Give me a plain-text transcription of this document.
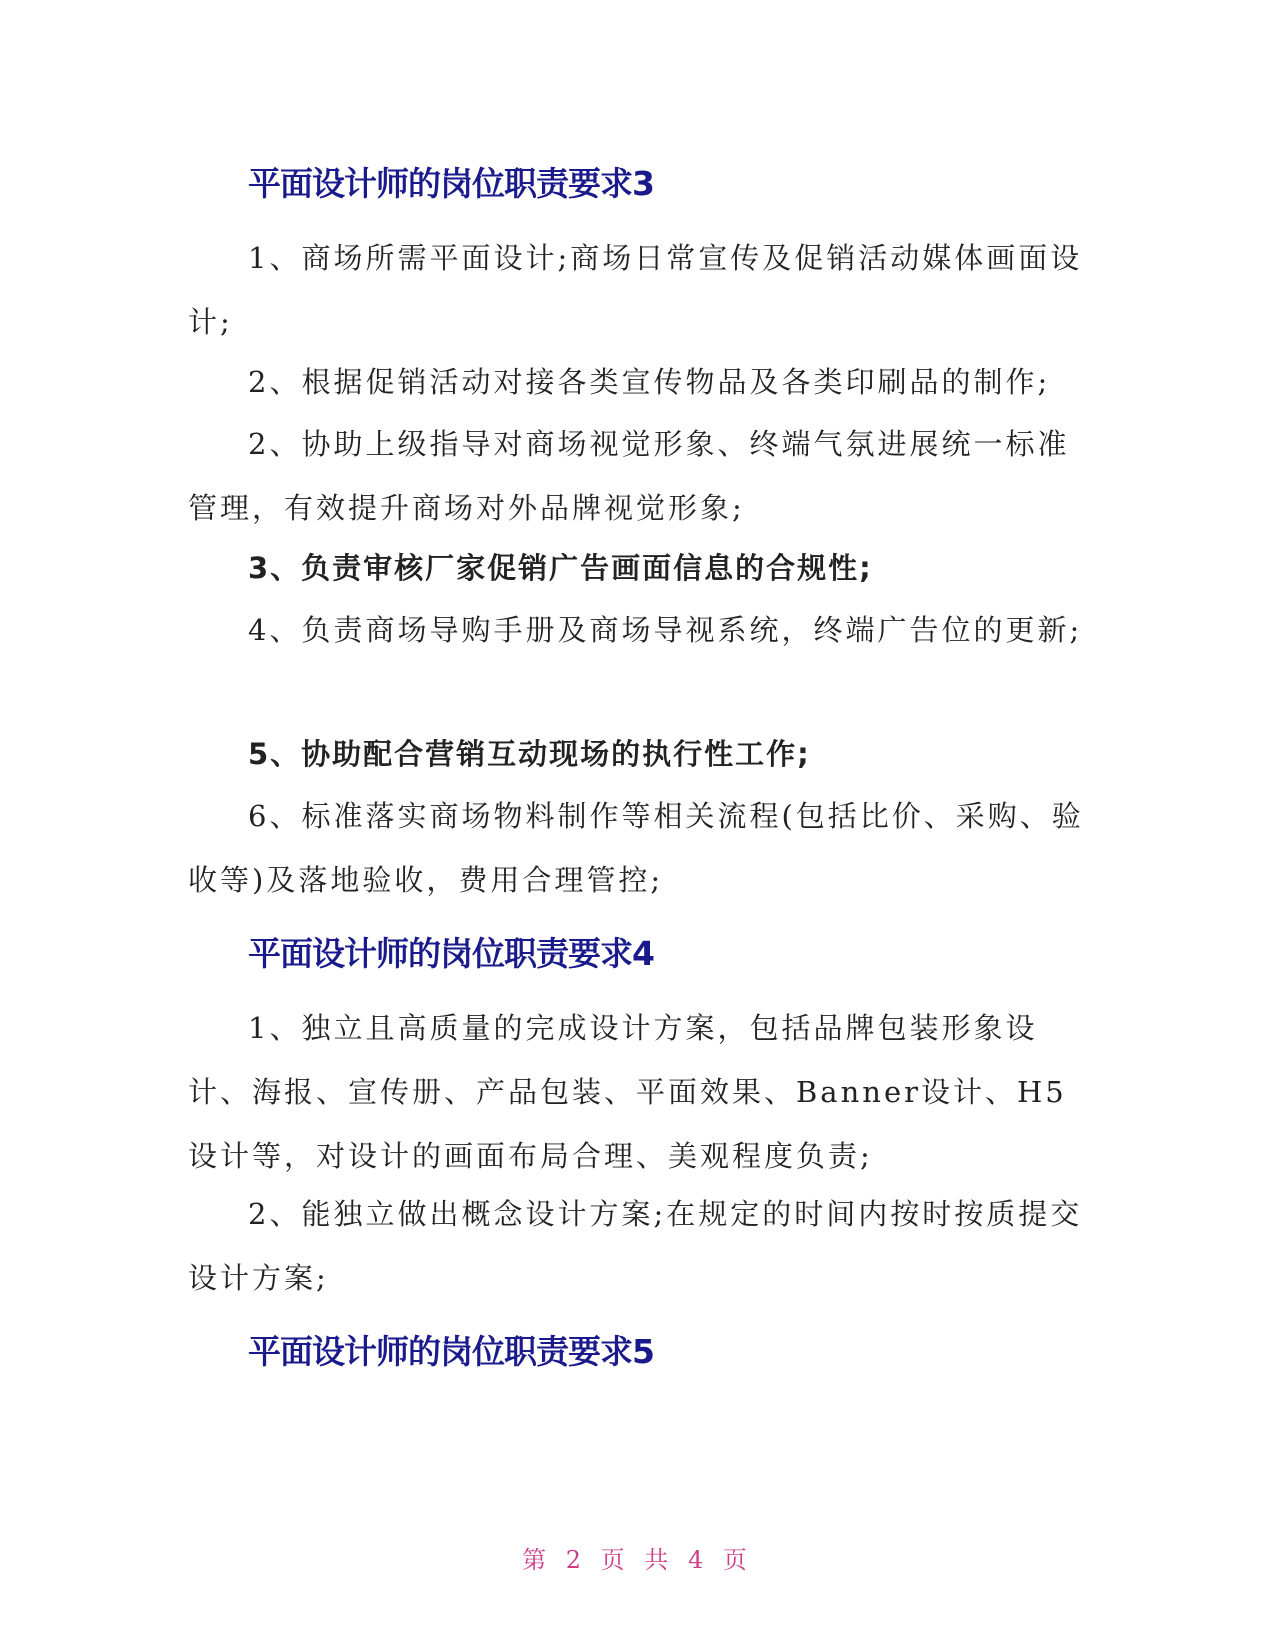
平面设计师的岗位职责要求3
1、商场所需平面设计;商场日常宣传及促销活动媒体画面设计;
2、根据促销活动对接各类宣传物品及各类印刷品的制作;
2、协助上级指导对商场视觉形象、终端气氛进展统一标准管理，有效提升商场对外品牌视觉形象;
3、负责审核厂家促销广告画面信息的合规性;
4、负责商场导购手册及商场导视系统，终端广告位的更新;
5、协助配合营销互动现场的执行性工作;
6、标准落实商场物料制作等相关流程(包括比价、采购、验收等)及落地验收，费用合理管控;
平面设计师的岗位职责要求4
1、独立且高质量的完成设计方案，包括品牌包装形象设计、海报、宣传册、产品包装、平面效果、Banner设计、H5设计等，对设计的画面布局合理、美观程度负责;
2、能独立做出概念设计方案;在规定的时间内按时按质提交设计方案;
平面设计师的岗位职责要求5
第 2 页 共 4 页
